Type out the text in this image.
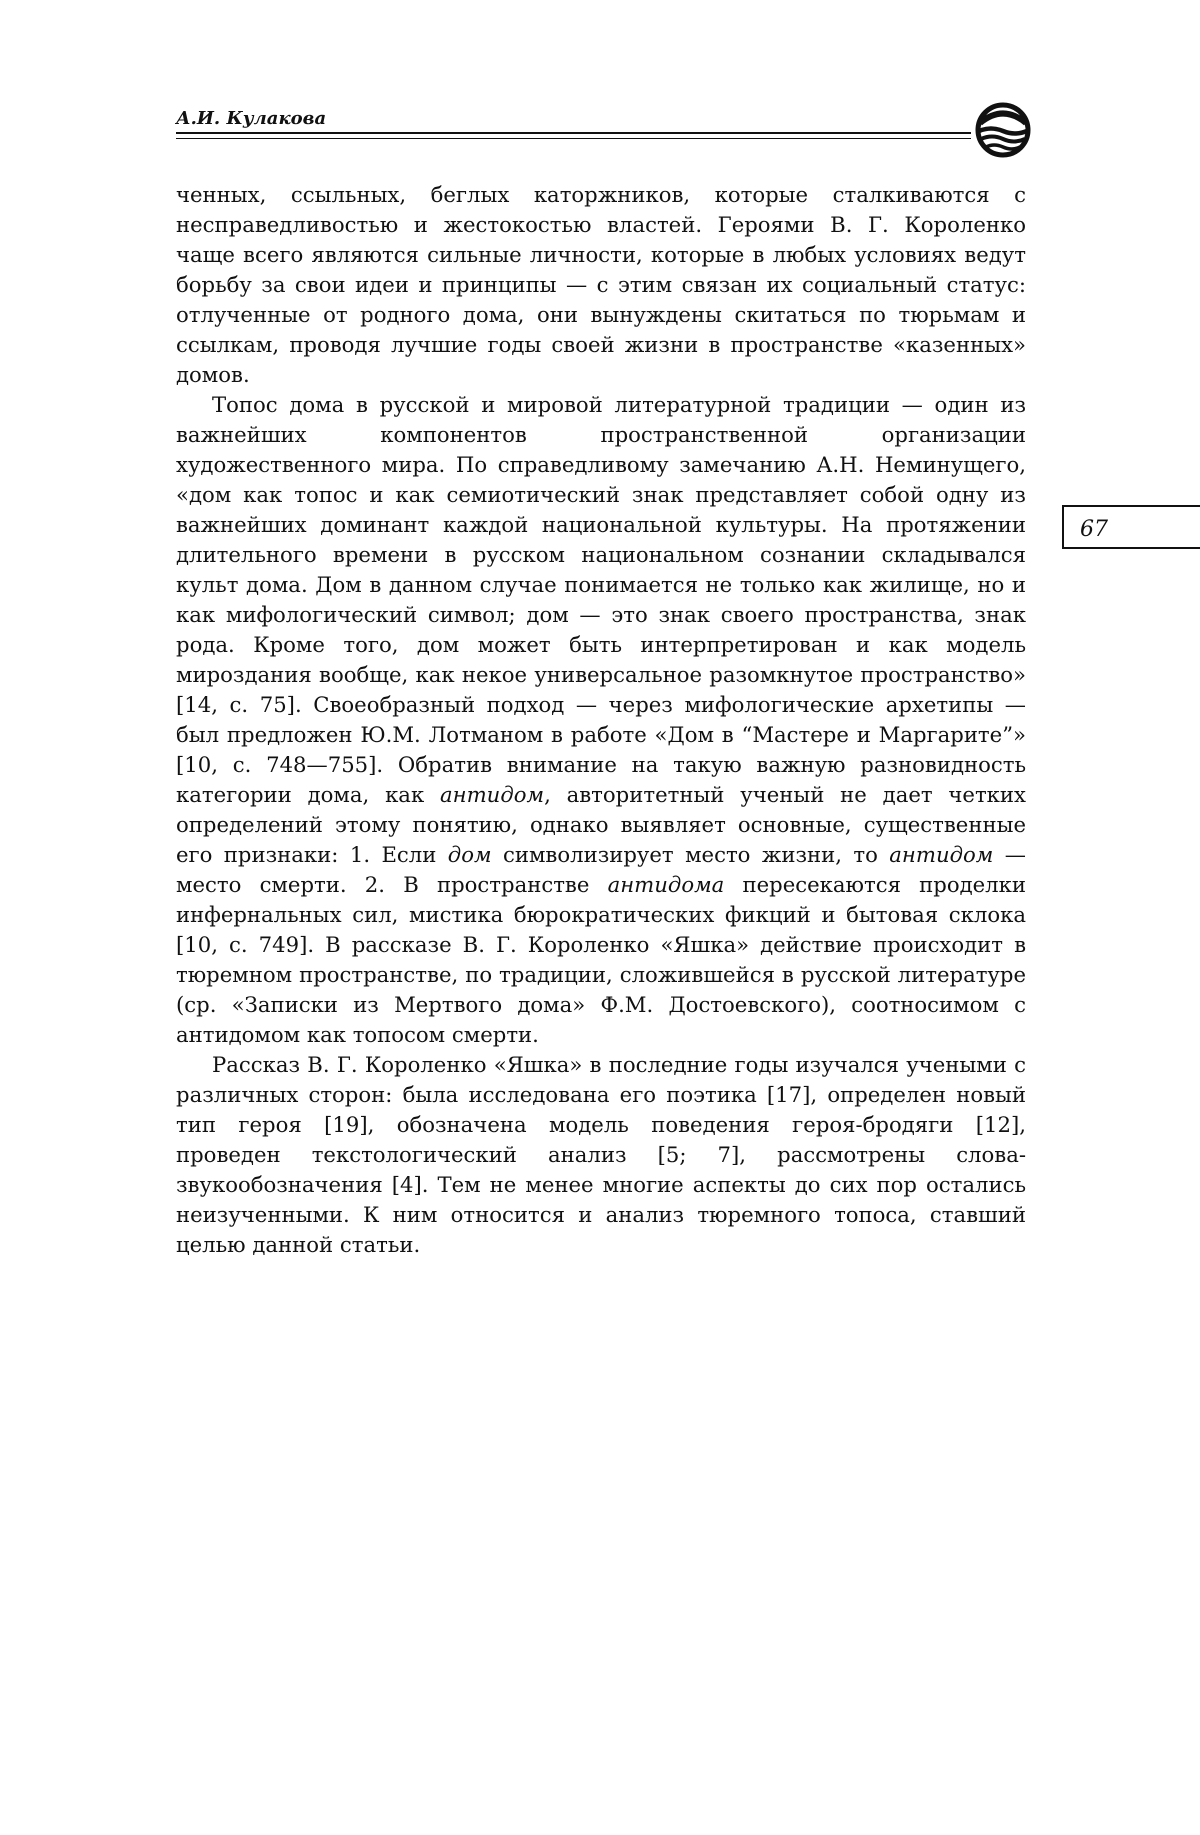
А.И. Кулакова
67

ченных, ссыльных, беглых каторжников, которые сталкиваются с несправедливостью и жестокостью властей. Героями В. Г. Короленко чаще всего являются сильные личности, которые в любых условиях ведут борьбу за свои идеи и принципы — с этим связан их социальный статус: отлученные от родного дома, они вынуждены скитаться по тюрьмам и ссылкам, проводя лучшие годы своей жизни в пространстве «казенных» домов.

Топос дома в русской и мировой литературной традиции — один из важнейших компонентов пространственной организации художественного мира. По справедливому замечанию А.Н. Неминущего, «дом как топос и как семиотический знак представляет собой одну из важнейших доминант каждой национальной культуры. На протяжении длительного времени в русском национальном сознании складывался культ дома. Дом в данном случае понимается не только как жилище, но и как мифологический символ; дом — это знак своего пространства, знак рода. Кроме того, дом может быть интерпретирован и как модель мироздания вообще, как некое универсальное разомкнутое пространство» [14, с. 75]. Своеобразный подход — через мифологические архетипы — был предложен Ю.М. Лотманом в работе «Дом в “Мастере и Маргарите”» [10, с. 748—755]. Обратив внимание на такую важную разновидность категории дома, как антидом, авторитетный ученый не дает четких определений этому понятию, однако выявляет основные, существенные его признаки: 1. Если дом символизирует место жизни, то антидом — место смерти. 2. В пространстве антидома пересекаются проделки инфернальных сил, мистика бюрократических фикций и бытовая склока [10, с. 749]. В рассказе В. Г. Короленко «Яшка» действие происходит в тюремном пространстве, по традиции, сложившейся в русской литературе (ср. «Записки из Мертвого дома» Ф.М. Достоевского), соотносимом с антидомом как топосом смерти.

Рассказ В. Г. Короленко «Яшка» в последние годы изучался учеными с различных сторон: была исследована его поэтика [17], определен новый тип героя [19], обозначена модель поведения героя-бродяги [12], проведен текстологический анализ [5; 7], рассмотрены слова-звукообозначения [4]. Тем не менее многие аспекты до сих пор остались неизученными. К ним относится и анализ тюремного топоса, ставший целью данной статьи.
